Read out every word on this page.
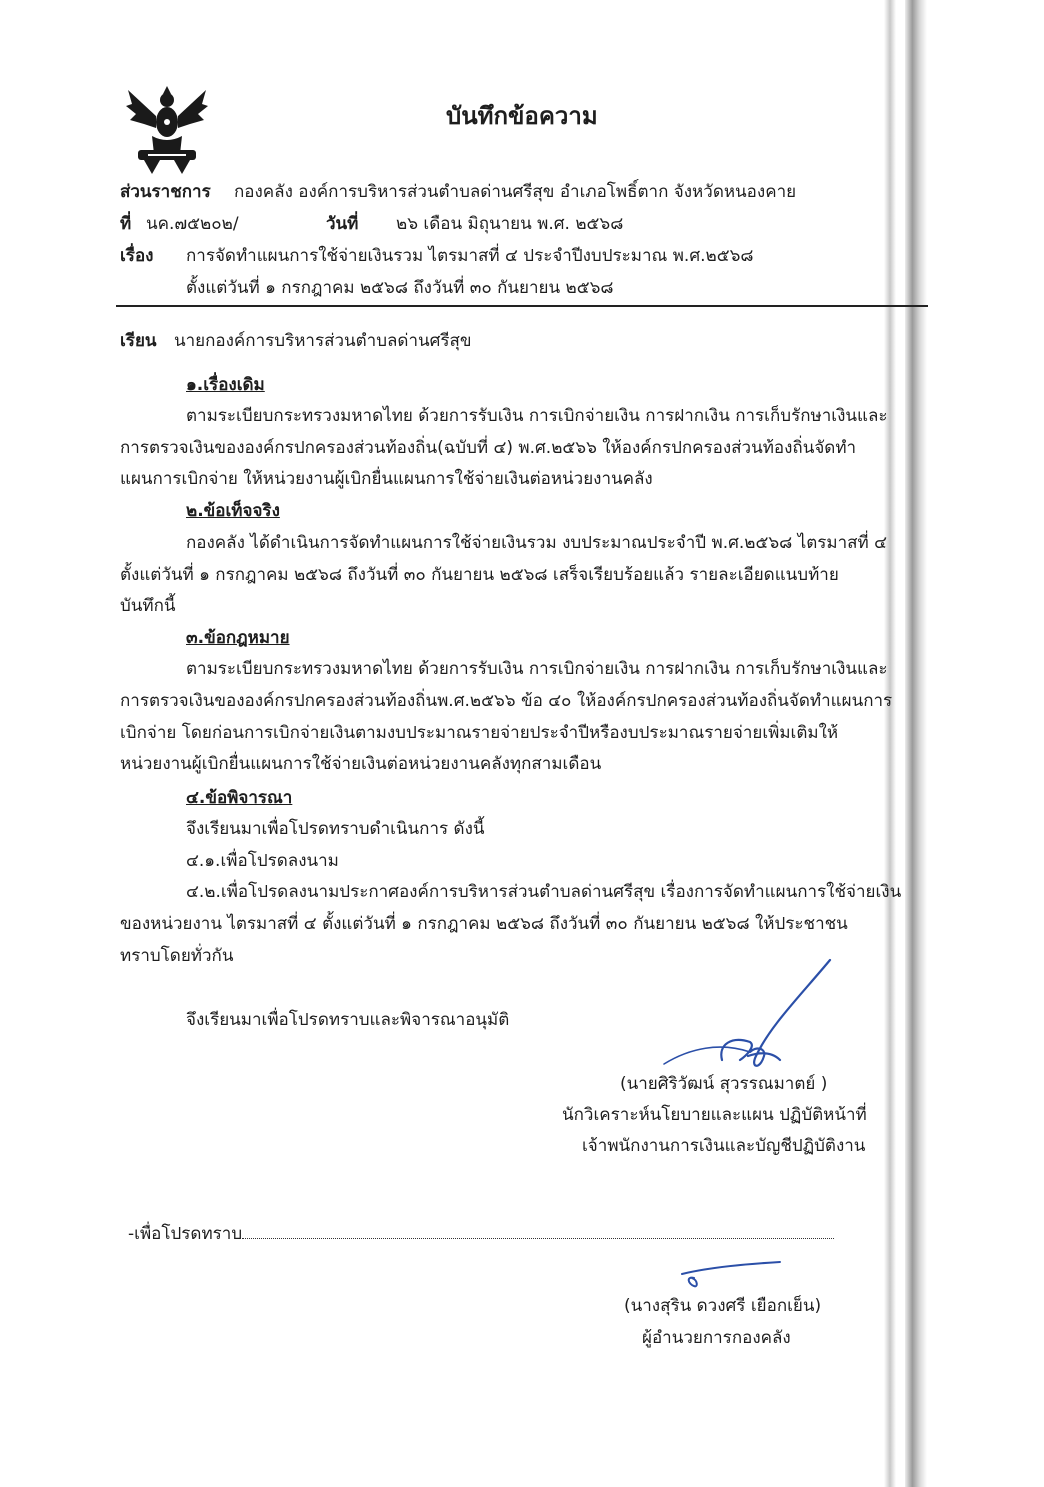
บันทึกข้อความ
ส่วนราชการ กองคลัง องค์การบริหารส่วนตำบลด่านศรีสุข อำเภอโพธิ์ตาก จังหวัดหนองคาย
ที่ นค.๗๕๒๐๒/	วันที่ ๒๖ เดือน มิถุนายน พ.ศ. ๒๕๖๘
เรื่อง การจัดทำแผนการใช้จ่ายเงินรวม ไตรมาสที่ ๔ ประจำปีงบประมาณ พ.ศ.๒๕๖๘
ตั้งแต่วันที่ ๑ กรกฎาคม ๒๕๖๘ ถึงวันที่ ๓๐ กันยายน ๒๕๖๘
เรียน นายกองค์การบริหารส่วนตำบลด่านศรีสุข
๑.เรื่องเดิม
ตามระเบียบกระทรวงมหาดไทย ด้วยการรับเงิน การเบิกจ่ายเงิน การฝากเงิน การเก็บรักษาเงินและ
การตรวจเงินขององค์กรปกครองส่วนท้องถิ่น(ฉบับที่ ๔) พ.ศ.๒๕๖๖ ให้องค์กรปกครองส่วนท้องถิ่นจัดทำ
แผนการเบิกจ่าย ให้หน่วยงานผู้เบิกยื่นแผนการใช้จ่ายเงินต่อหน่วยงานคลัง
๒.ข้อเท็จจริง
กองคลัง ได้ดำเนินการจัดทำแผนการใช้จ่ายเงินรวม งบประมาณประจำปี พ.ศ.๒๕๖๘ ไตรมาสที่ ๔
ตั้งแต่วันที่ ๑ กรกฎาคม ๒๕๖๘ ถึงวันที่ ๓๐ กันยายน ๒๕๖๘ เสร็จเรียบร้อยแล้ว รายละเอียดแนบท้าย
บันทึกนี้
๓.ข้อกฎหมาย
ตามระเบียบกระทรวงมหาดไทย ด้วยการรับเงิน การเบิกจ่ายเงิน การฝากเงิน การเก็บรักษาเงินและ
การตรวจเงินขององค์กรปกครองส่วนท้องถิ่นพ.ศ.๒๕๖๖ ข้อ ๔๐ ให้องค์กรปกครองส่วนท้องถิ่นจัดทำแผนการ
เบิกจ่าย โดยก่อนการเบิกจ่ายเงินตามงบประมาณรายจ่ายประจำปีหรืองบประมาณรายจ่ายเพิ่มเติมให้
หน่วยงานผู้เบิกยื่นแผนการใช้จ่ายเงินต่อหน่วยงานคลังทุกสามเดือน
๔.ข้อพิจารณา
จึงเรียนมาเพื่อโปรดทราบดำเนินการ ดังนี้
๔.๑.เพื่อโปรดลงนาม
๔.๒.เพื่อโปรดลงนามประกาศองค์การบริหารส่วนตำบลด่านศรีสุข เรื่องการจัดทำแผนการใช้จ่ายเงิน
ของหน่วยงาน ไตรมาสที่ ๔ ตั้งแต่วันที่ ๑ กรกฎาคม ๒๕๖๘ ถึงวันที่ ๓๐ กันยายน ๒๕๖๘ ให้ประชาชน
ทราบโดยทั่วกัน
จึงเรียนมาเพื่อโปรดทราบและพิจารณาอนุมัติ
(นายศิริวัฒน์ สุวรรณมาตย์ )
นักวิเคราะห์นโยบายและแผน ปฏิบัติหน้าที่
เจ้าพนักงานการเงินและบัญชีปฏิบัติงาน
-เพื่อโปรดทราบ
(นางสุริน ดวงศรี เยือกเย็น)
ผู้อำนวยการกองคลัง
